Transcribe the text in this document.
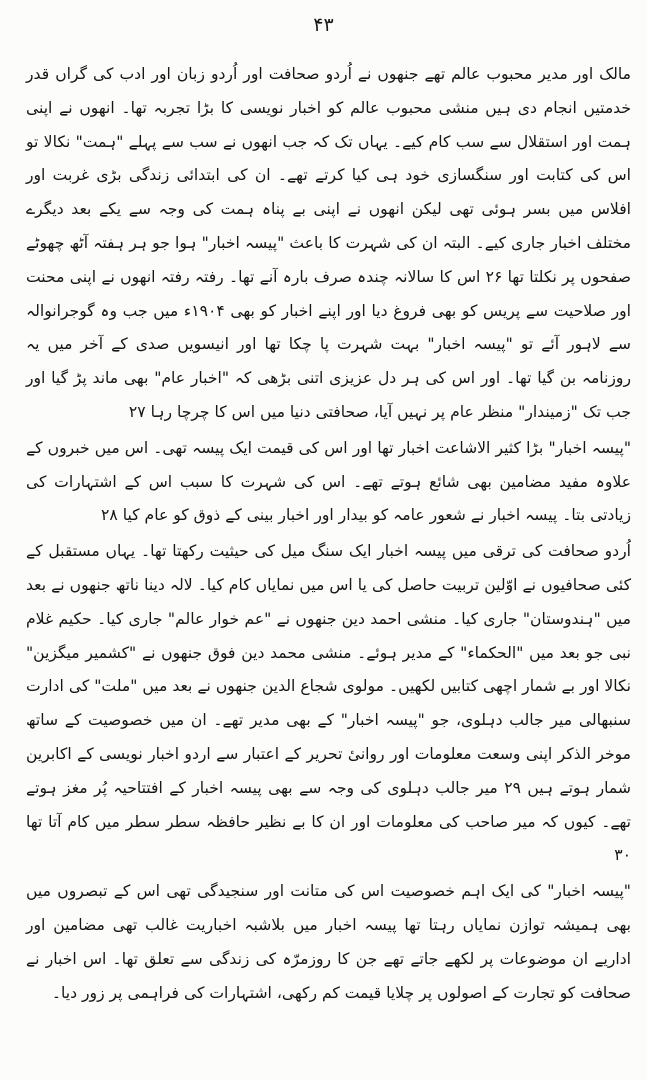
۴۳

مالک اور مدیر محبوب عالم تھے جنھوں نے اُردو صحافت اور اُردو زبان اور ادب کی گراں قدر خدمتیں انجام دی ہیں منشی محبوب عالم کو اخبار نویسی کا بڑا تجربہ تھا۔ انھوں نے اپنی ہمت اور استقلال سے سب کام کیے۔ یہاں تک کہ جب انھوں نے سب سے پہلے "ہمت" نکالا تو اس کی کتابت اور سنگسازی خود ہی کیا کرتے تھے۔ ان کی ابتدائی زندگی بڑی غربت اور افلاس میں بسر ہوئی تھی لیکن انھوں نے اپنی بے پناہ ہمت کی وجہ سے یکے بعد دیگرے مختلف اخبار جاری کیے۔ البتہ ان کی شہرت کا باعث "پیسہ اخبار" ہوا جو ہر ہفتہ آٹھ چھوٹے صفحوں پر نکلتا تھا ۲۶ اس کا سالانہ چندہ صرف بارہ آنے تھا۔ رفتہ رفتہ انھوں نے اپنی محنت اور صلاحیت سے پریس کو بھی فروغ دیا اور اپنے اخبار کو بھی ۱۹۰۴ء میں جب وہ گوجرانوالہ سے لاہور آئے تو "پیسہ اخبار" بہت شہرت پا چکا تھا اور انیسویں صدی کے آخر میں یہ روزنامہ بن گیا تھا۔ اور اس کی ہر دل عزیزی اتنی بڑھی کہ "اخبار عام" بھی ماند پڑ گیا اور جب تک "زمیندار" منظر عام پر نہیں آیا، صحافتی دنیا میں اس کا چرچا رہا ۲۷

"پیسہ اخبار" بڑا کثیر الاشاعت اخبار تھا اور اس کی قیمت ایک پیسہ تھی۔ اس میں خبروں کے علاوہ مفید مضامین بھی شائع ہوتے تھے۔ اس کی شہرت کا سبب اس کے اشتہارات کی زیادتی بتا۔ پیسہ اخبار نے شعور عامہ کو بیدار اور اخبار بینی کے ذوق کو عام کیا ۲۸

اُردو صحافت کی ترقی میں پیسہ اخبار ایک سنگ میل کی حیثیت رکھتا تھا۔ یہاں مستقبل کے کئی صحافیوں نے اوّلین تربیت حاصل کی یا اس میں نمایاں کام کیا۔ لالہ دینا ناتھ جنھوں نے بعد میں "ہندوستان" جاری کیا۔ منشی احمد دین جنھوں نے "عم خوار عالم" جاری کیا۔ حکیم غلام نبی جو بعد میں "الحکماء" کے مدیر ہوئے۔ منشی محمد دین فوق جنھوں نے "کشمیر میگزین" نکالا اور بے شمار اچھی کتابیں لکھیں۔ مولوی شجاع الدین جنھوں نے بعد میں "ملت" کی ادارت سنبھالی میر جالب دہلوی، جو "پیسہ اخبار" کے بھی مدیر تھے۔ ان میں خصوصیت کے ساتھ موخر الذکر اپنی وسعت معلومات اور روانیٔ تحریر کے اعتبار سے اردو اخبار نویسی کے اکابرین شمار ہوتے ہیں ۲۹ میر جالب دہلوی کی وجہ سے بھی پیسہ اخبار کے افتتاحیہ پُر مغز ہوتے تھے۔ کیوں کہ میر صاحب کی معلومات اور ان کا بے نظیر حافظہ سطر سطر میں کام آتا تھا ۳۰

"پیسہ اخبار" کی ایک اہم خصوصیت اس کی متانت اور سنجیدگی تھی اس کے تبصروں میں بھی ہمیشہ توازن نمایاں رہتا تھا پیسہ اخبار میں بلاشبہ اخباریت غالب تھی مضامین اور اداریے ان موضوعات پر لکھے جاتے تھے جن کا روزمرّہ کی زندگی سے تعلق تھا۔ اس اخبار نے صحافت کو تجارت کے اصولوں پر چلایا قیمت کم رکھی، اشتہارات کی فراہمی پر زور دیا۔
